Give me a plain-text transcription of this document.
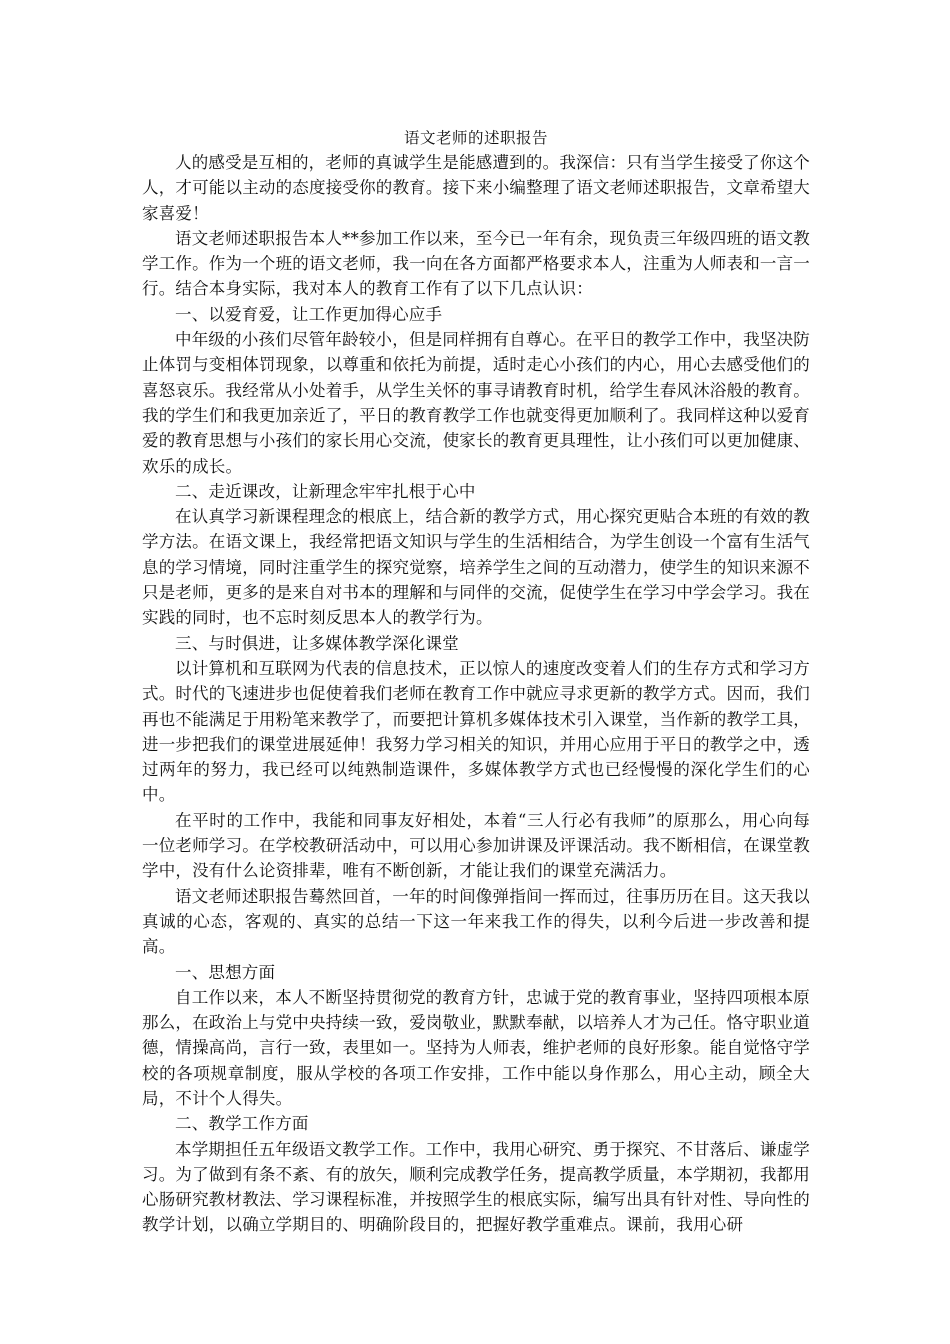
语文老师的述职报告

人的感受是互相的，老师的真诚学生是能感遭到的。我深信：只有当学生接受了你这个人，才可能以主动的态度接受你的教育。接下来小编整理了语文老师述职报告，文章希望大家喜爱！

语文老师述职报告本人**参加工作以来，至今已一年有余，现负责三年级四班的语文教学工作。作为一个班的语文老师，我一向在各方面都严格要求本人，注重为人师表和一言一行。结合本身实际，我对本人的教育工作有了以下几点认识：

一、以爱育爱，让工作更加得心应手

中年级的小孩们尽管年龄较小，但是同样拥有自尊心。在平日的教学工作中，我坚决防止体罚与变相体罚现象，以尊重和依托为前提，适时走心小孩们的内心，用心去感受他们的喜怒哀乐。我经常从小处着手，从学生关怀的事寻请教育时机，给学生春风沐浴般的教育。我的学生们和我更加亲近了，平日的教育教学工作也就变得更加顺利了。我同样这种以爱育爱的教育思想与小孩们的家长用心交流，使家长的教育更具理性，让小孩们可以更加健康、欢乐的成长。

二、走近课改，让新理念牢牢扎根于心中

在认真学习新课程理念的根底上，结合新的教学方式，用心探究更贴合本班的有效的教学方法。在语文课上，我经常把语文知识与学生的生活相结合，为学生创设一个富有生活气息的学习情境，同时注重学生的探究觉察，培养学生之间的互动潜力，使学生的知识来源不只是老师，更多的是来自对书本的理解和与同伴的交流，促使学生在学习中学会学习。我在实践的同时，也不忘时刻反思本人的教学行为。

三、与时俱进，让多媒体教学深化课堂

以计算机和互联网为代表的信息技术，正以惊人的速度改变着人们的生存方式和学习方式。时代的飞速进步也促使着我们老师在教育工作中就应寻求更新的教学方式。因而，我们再也不能满足于用粉笔来教学了，而要把计算机多媒体技术引入课堂，当作新的教学工具，进一步把我们的课堂进展延伸！我努力学习相关的知识，并用心应用于平日的教学之中，透过两年的努力，我已经可以纯熟制造课件，多媒体教学方式也已经慢慢的深化学生们的心中。

在平时的工作中，我能和同事友好相处，本着“三人行必有我师”的原那么，用心向每一位老师学习。在学校教研活动中，可以用心参加讲课及评课活动。我不断相信，在课堂教学中，没有什么论资排辈，唯有不断创新，才能让我们的课堂充满活力。

语文老师述职报告蓦然回首，一年的时间像弹指间一挥而过，往事历历在目。这天我以真诚的心态，客观的、真实的总结一下这一年来我工作的得失，以利今后进一步改善和提高。

一、思想方面

自工作以来，本人不断坚持贯彻党的教育方针，忠诚于党的教育事业，坚持四项根本原那么，在政治上与党中央持续一致，爱岗敬业，默默奉献，以培养人才为己任。恪守职业道德，情操高尚，言行一致，表里如一。坚持为人师表，维护老师的良好形象。能自觉恪守学校的各项规章制度，服从学校的各项工作安排，工作中能以身作那么，用心主动，顾全大局，不计个人得失。

二、教学工作方面

本学期担任五年级语文教学工作。工作中，我用心研究、勇于探究、不甘落后、谦虚学习。为了做到有条不紊、有的放矢，顺利完成教学任务，提高教学质量，本学期初，我都用心肠研究教材教法、学习课程标准，并按照学生的根底实际，编写出具有针对性、导向性的教学计划，以确立学期目的、明确阶段目的，把握好教学重难点。课前，我用心研
